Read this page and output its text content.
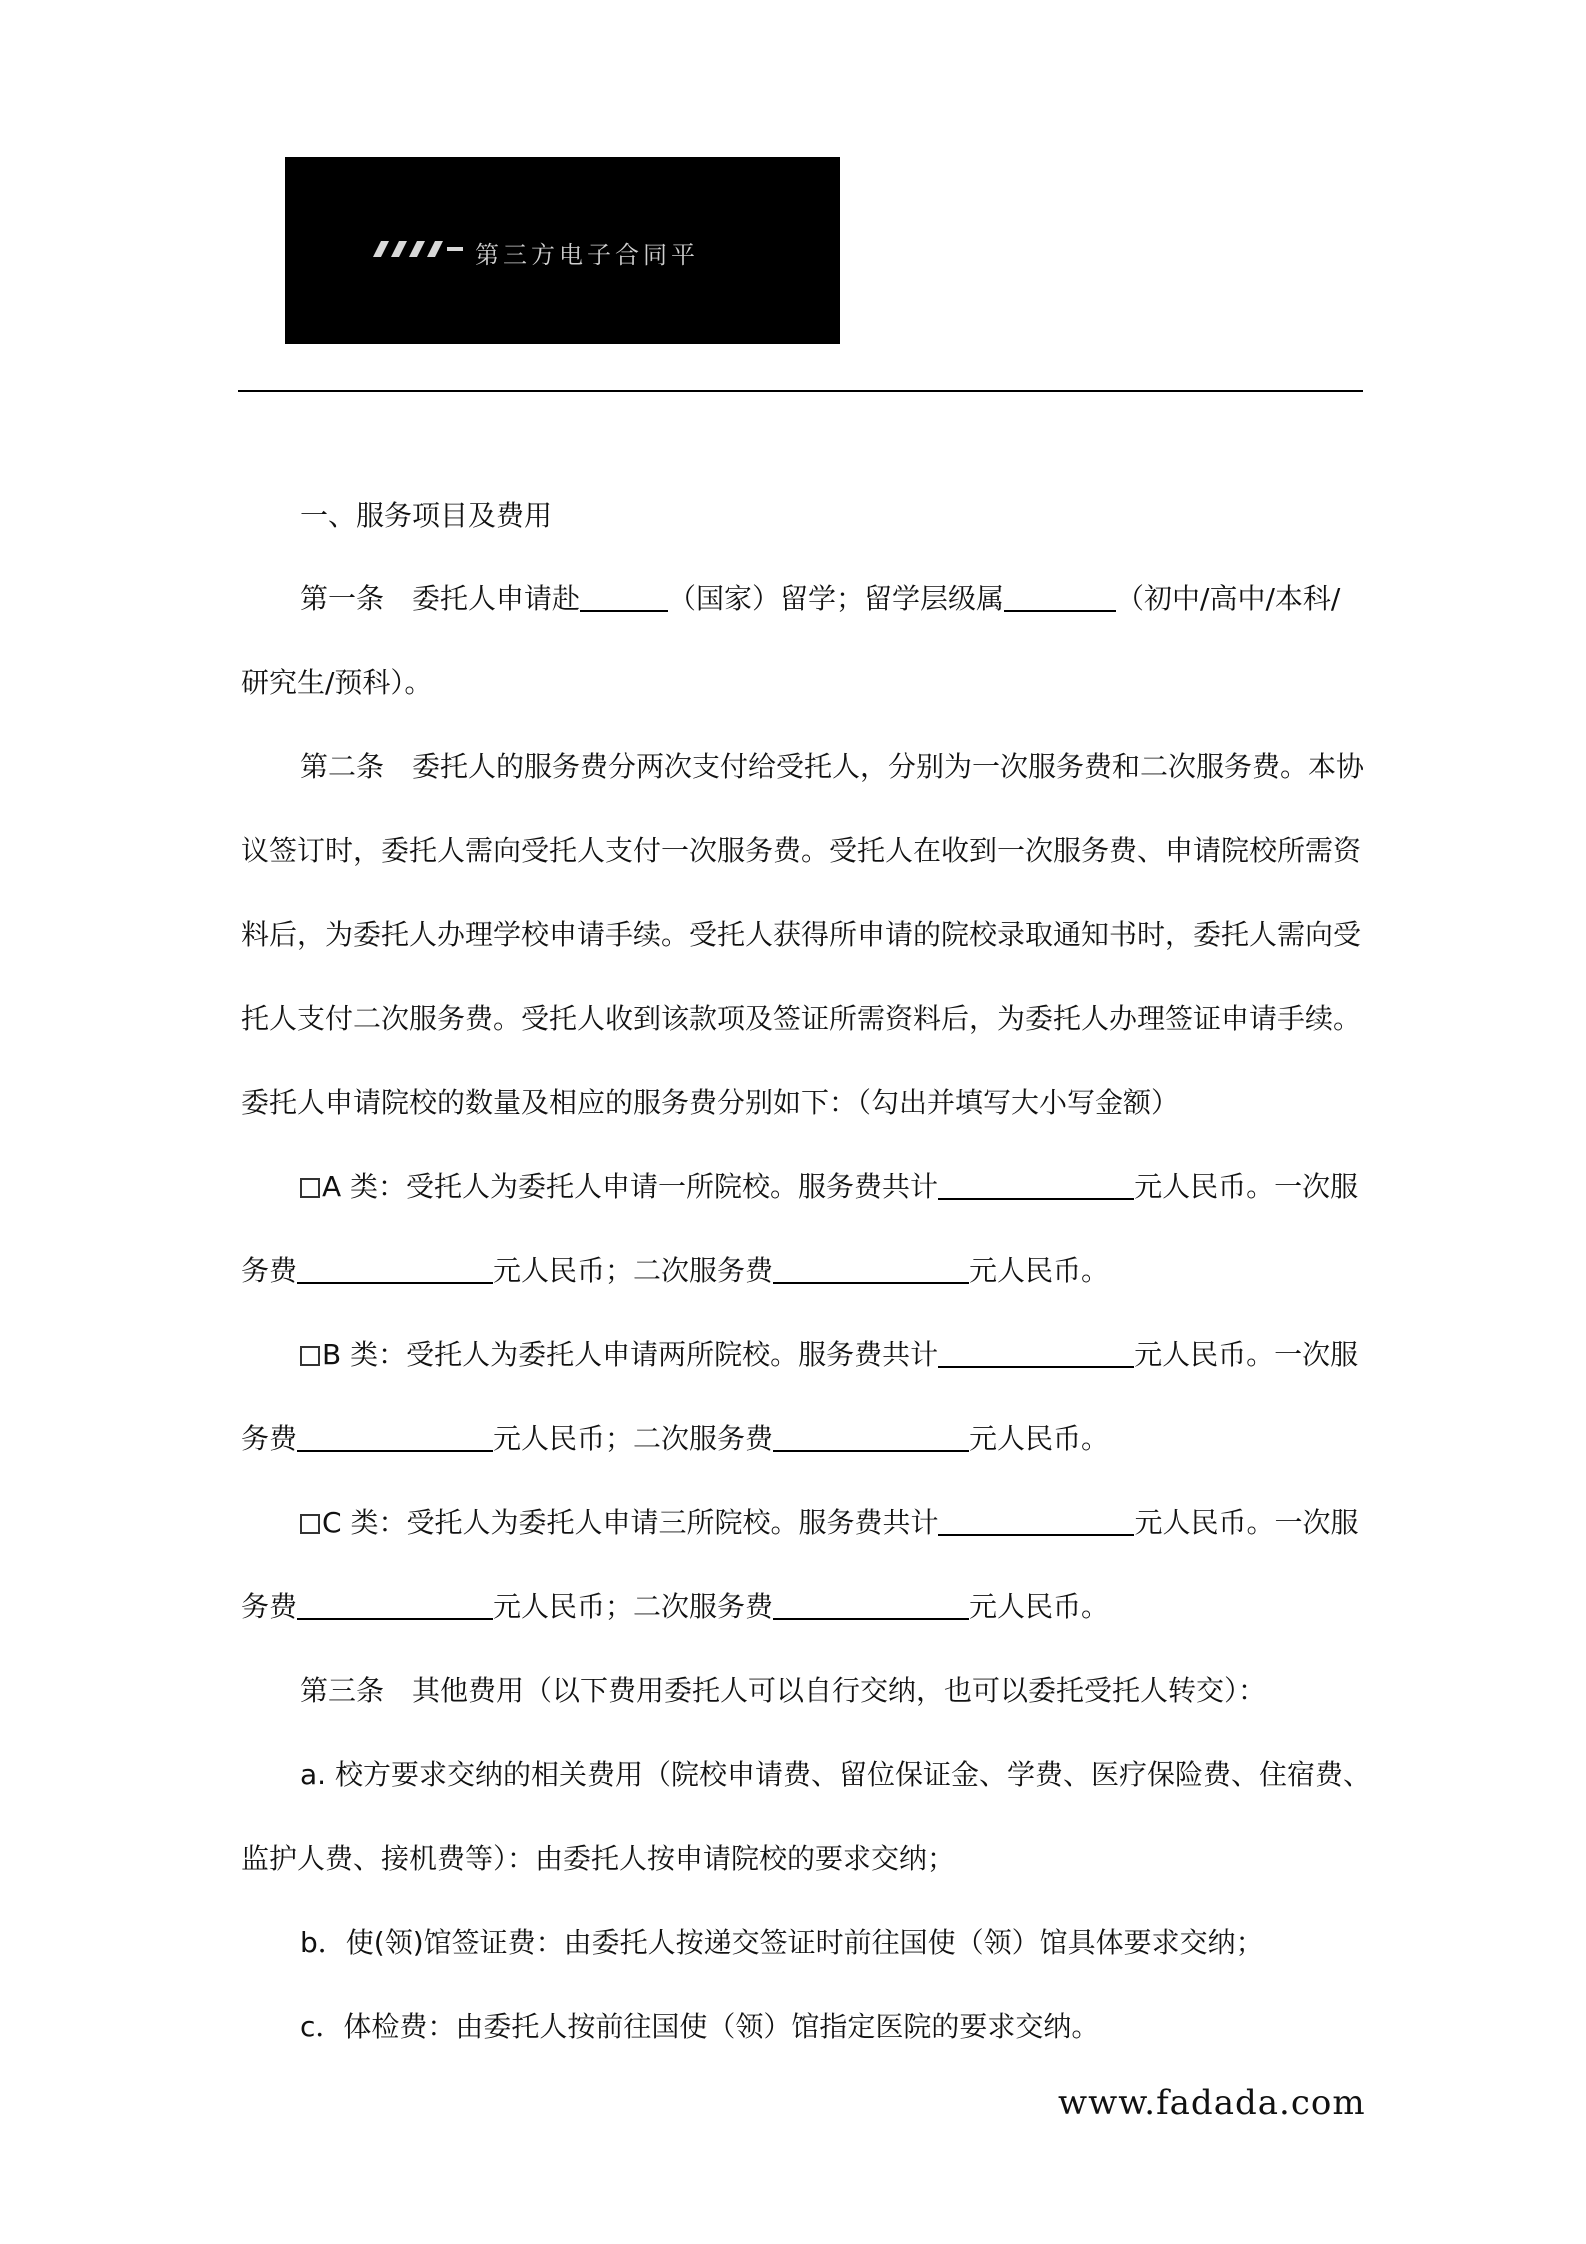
第三方电子合同平
一、服务项目及费用
第一条 委托人申请赴	（国家）留学；留学层级属	（初中/高中/本科/
研究生/预科）。
第二条 委托人的服务费分两次支付给受托人，分别为一次服务费和二次服务费。本协
议签订时，委托人需向受托人支付一次服务费。受托人在收到一次服务费、申请院校所需资
料后，为委托人办理学校申请手续。受托人获得所申请的院校录取通知书时，委托人需向受
托人支付二次服务费。受托人收到该款项及签证所需资料后，为委托人办理签证申请手续。
委托人申请院校的数量及相应的服务费分别如下：（勾出并填写大小写金额）
A 类：受托人为委托人申请一所院校。服务费共计	元人民币。一次服
务费	元人民币；二次服务费	元人民币。
B 类：受托人为委托人申请两所院校。服务费共计	元人民币。一次服
务费	元人民币；二次服务费	元人民币。
C 类：受托人为委托人申请三所院校。服务费共计	元人民币。一次服
务费	元人民币；二次服务费	元人民币。
第三条 其他费用（以下费用委托人可以自行交纳，也可以委托受托人转交）：
a. 校方要求交纳的相关费用（院校申请费、留位保证金、学费、医疗保险费、住宿费、
监护人费、接机费等）：由委托人按申请院校的要求交纳；
b．使(领)馆签证费：由委托人按递交签证时前往国使（领）馆具体要求交纳；
c．体检费：由委托人按前往国使（领）馆指定医院的要求交纳。
www.fadada.com
